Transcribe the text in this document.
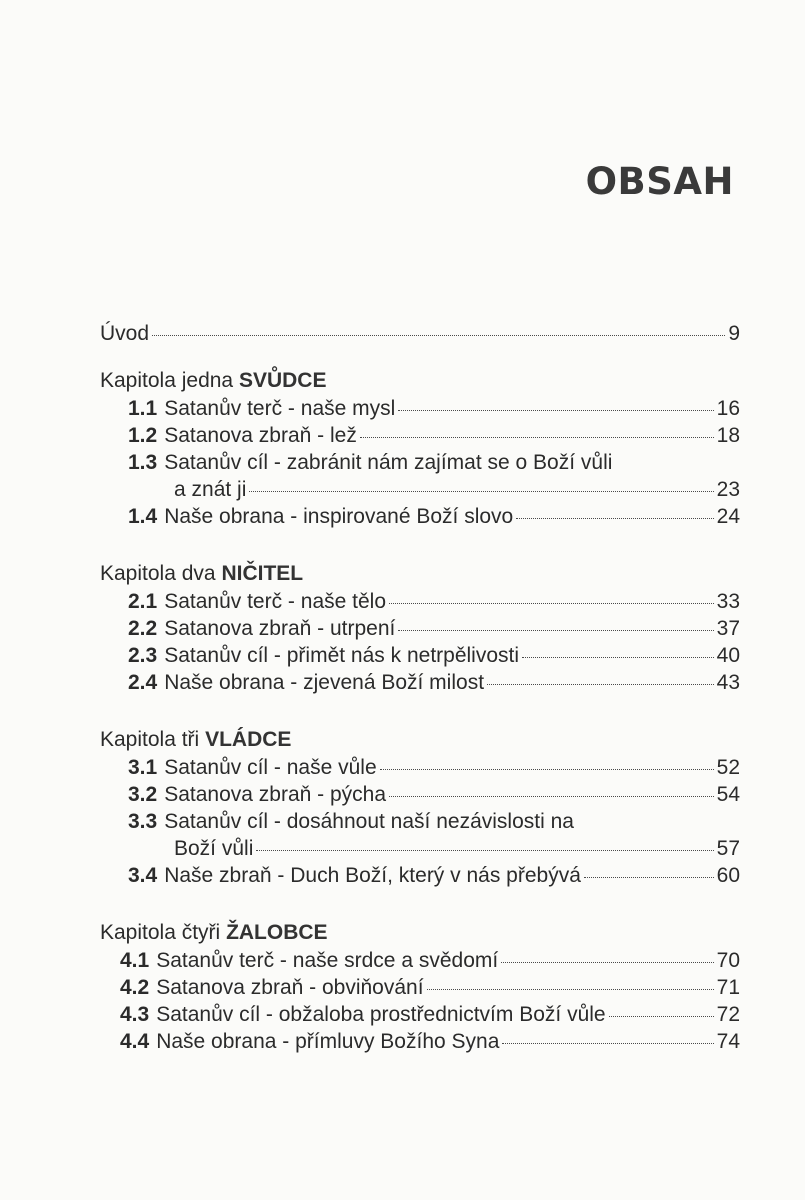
OBSAH
Úvod	9
Kapitola jedna SVŮDCE
1.1 Satanův terč - naše mysl	16
1.2 Satanova zbraň - lež	18
1.3 Satanův cíl - zabránit nám zajímat se o Boží vůli
a znát ji	23
1.4 Naše obrana - inspirované Boží slovo	24
Kapitola dva NIČITEL
2.1 Satanův terč - naše tělo	33
2.2 Satanova zbraň - utrpení	37
2.3 Satanův cíl - přimět nás k netrpělivosti	40
2.4 Naše obrana - zjevená Boží milost	43
Kapitola tři VLÁDCE
3.1 Satanův cíl - naše vůle	52
3.2 Satanova zbraň - pýcha	54
3.3 Satanův cíl - dosáhnout naší nezávislosti na
Boží vůli	57
3.4 Naše zbraň - Duch Boží, který v nás přebývá	60
Kapitola čtyři ŽALOBCE
4.1 Satanův terč - naše srdce a svědomí	70
4.2 Satanova zbraň - obviňování	71
4.3 Satanův cíl - obžaloba prostřednictvím Boží vůle	72
4.4 Naše obrana - přímluvy Božího Syna	74
